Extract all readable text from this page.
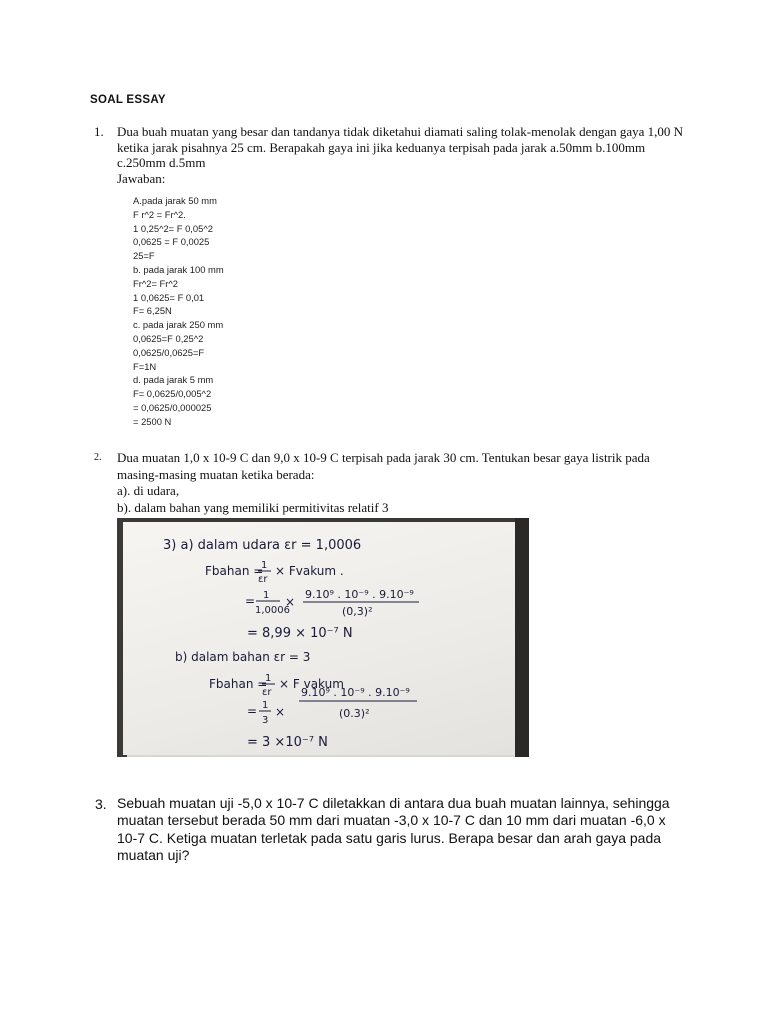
SOAL ESSAY
1. Dua buah muatan yang besar dan tandanya tidak diketahui diamati saling tolak-menolak dengan gaya 1,00 N ketika jarak pisahnya 25 cm. Berapakah gaya ini jika keduanya terpisah pada jarak a.50mm b.100mm c.250mm d.5mm
Jawaban:
A.pada jarak 50 mm
F r^2 = Fr^2.
1 0,25^2= F 0,05^2
0,0625 = F 0,0025
25=F
b. pada jarak 100 mm
Fr^2= Fr^2
1 0,0625= F 0,01
F= 6,25N
c. pada jarak 250 mm
0,0625=F 0,25^2
0,0625/0,0625=F
F=1N
d. pada jarak 5 mm
F= 0,0625/0,005^2
= 0,0625/0,000025
= 2500 N
2. Dua muatan 1,0 x 10-9 C dan 9,0 x 10-9 C terpisah pada jarak 30 cm. Tentukan besar gaya listrik pada masing-masing muatan ketika berada:
a). di udara,
b). dalam bahan yang memiliki permitivitas relatif 3
3) a) dalam udara εr = 1,0006
Fbahan =
1
εr
× Fvakum .
= 1
1,0006
×
9.10⁹ . 10⁻⁹ . 9.10⁻⁹
(0,3)²
= 8,99 × 10⁻⁷ N
b) dalam bahan εr = 3
Fbahan =
1
εr
× F vakum
= 1
3
×
9.10⁹ . 10⁻⁹ . 9.10⁻⁹
(0.3)²
= 3 ×10⁻⁷ N
3. Sebuah muatan uji -5,0 x 10-7 C diletakkan di antara dua buah muatan lainnya, sehingga muatan tersebut berada 50 mm dari muatan -3,0 x 10-7 C dan 10 mm dari muatan -6,0 x 10-7 C. Ketiga muatan terletak pada satu garis lurus. Berapa besar dan arah gaya pada muatan uji?
